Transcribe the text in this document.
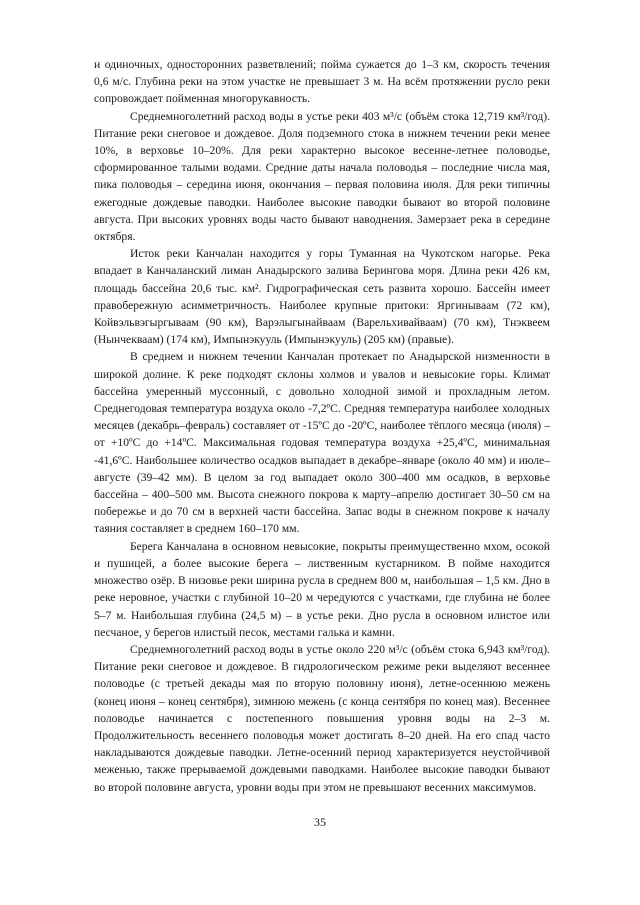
и одиночных, односторонних разветвлений; пойма сужается до 1–3 км, скорость течения 0,6 м/с. Глубина реки на этом участке не превышает 3 м. На всём протяжении русло реки сопровождает пойменная многорукавность.

Среднемноголетний расход воды в устье реки 403 м³/с (объём стока 12,719 км³/год). Питание реки снеговое и дождевое. Доля подземного стока в нижнем течении реки менее 10%, в верховье 10–20%. Для реки характерно высокое весенне-летнее половодье, сформированное талыми водами. Средние даты начала половодья – последние числа мая, пика половодья – середина июня, окончания – первая половина июля. Для реки типичны ежегодные дождевые паводки. Наиболее высокие паводки бывают во второй половине августа. При высоких уровнях воды часто бывают наводнения. Замерзает река в середине октября.

Исток реки Канчалан находится у горы Туманная на Чукотском нагорье. Река впадает в Канчаланский лиман Анадырского залива Берингова моря. Длина реки 426 км, площадь бассейна 20,6 тыс. км². Гидрографическая сеть развита хорошо. Бассейн имеет правобережную асимметричность. Наиболее крупные притоки: Яргинываам (72 км), Койвэльвэгыргываам (90 км), Варэлыгынайваам (Варельхивайваам) (70 км), Тнэквеем (Нынчекваам) (174 км), Импынэкууль (Импынэкууль) (205 км) (правые).

В среднем и нижнем течении Канчалан протекает по Анадырской низменности в широкой долине. К реке подходят склоны холмов и увалов и невысокие горы. Климат бассейна умеренный муссонный, с довольно холодной зимой и прохладным летом. Среднегодовая температура воздуха около -7,2ºС. Средняя температура наиболее холодных месяцев (декабрь–февраль) составляет от -15ºС до -20ºС, наиболее тёплого месяца (июля) – от +10ºС до +14ºС. Максимальная годовая температура воздуха +25,4ºС, минимальная -41,6ºС. Наибольшее количество осадков выпадает в декабре–январе (около 40 мм) и июле–августе (39–42 мм). В целом за год выпадает около 300–400 мм осадков, в верховье бассейна – 400–500 мм. Высота снежного покрова к марту–апрелю достигает 30–50 см на побережье и до 70 см в верхней части бассейна. Запас воды в снежном покрове к началу таяния составляет в среднем 160–170 мм.

Берега Канчалана в основном невысокие, покрыты преимущественно мхом, осокой и пушицей, а более высокие берега – лиственным кустарником. В пойме находится множество озёр. В низовье реки ширина русла в среднем 800 м, наибольшая – 1,5 км. Дно в реке неровное, участки с глубиной 10–20 м чередуются с участками, где глубина не более 5–7 м. Наибольшая глубина (24,5 м) – в устье реки. Дно русла в основном илистое или песчаное, у берегов илистый песок, местами галька и камни.

Среднемноголетний расход воды в устье около 220 м³/с (объём стока 6,943 км³/год). Питание реки снеговое и дождевое. В гидрологическом режиме реки выделяют весеннее половодье (с третьей декады мая по вторую половину июня), летне-осеннюю межень (конец июня – конец сентября), зимнюю межень (с конца сентября по конец мая). Весеннее половодье начинается с постепенного повышения уровня воды на 2–3 м. Продолжительность весеннего половодья может достигать 8–20 дней. На его спад часто накладываются дождевые паводки. Летне-осенний период характеризуется неустойчивой меженью, также прерываемой дождевыми паводками. Наиболее высокие паводки бывают во второй половине августа, уровни воды при этом не превышают весенних максимумов.

35
